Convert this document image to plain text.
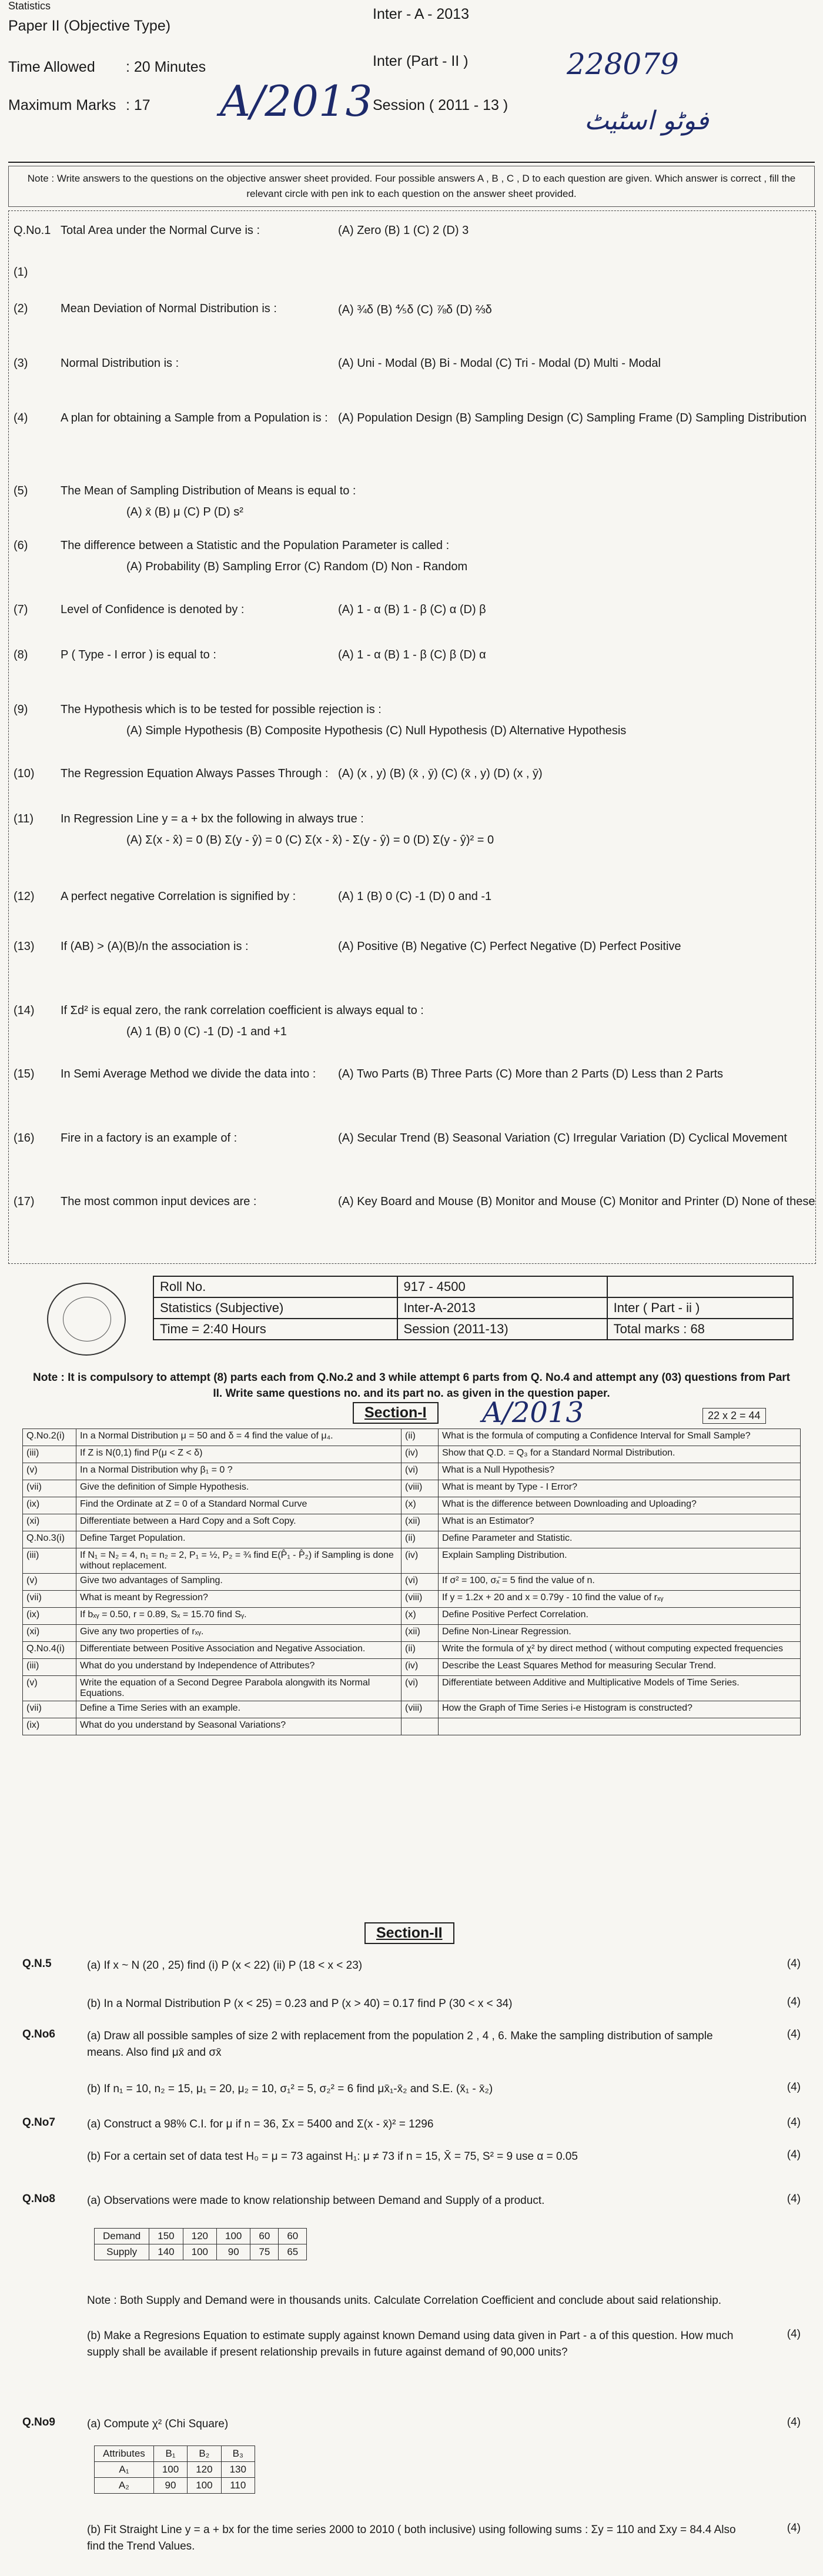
Statistics
Paper II (Objective Type)
Time Allowed : 20 Minutes
Maximum Marks : 17
Inter - A - 2013
Inter (Part - II )
Session ( 2011 - 13 )
A/2013
228079
فوٹو اسٹیٹ
Note : Write answers to the questions on the objective answer sheet provided. Four possible answers A , B , C , D to each question are given. Which answer is correct , fill the relevant circle with pen ink to each question on the answer sheet provided.
Q.No.1 Total Area under the Normal Curve is :	(A) Zero (B) 1 (C) 2 (D) 3
(1)
(2)	Mean Deviation of Normal Distribution is :	(A) ¾δ (B) ⅘δ (C) ⅞δ (D) ⅔δ
(3)	Normal Distribution is :	(A) Uni - Modal (B) Bi - Modal (C) Tri - Modal (D) Multi - Modal
(4)	A plan for obtaining a Sample from a Population is : (A) Population Design (B) Sampling Design (C) Sampling Frame (D) Sampling Distribution
(5)	The Mean of Sampling Distribution of Means is equal to :
(A) x̄ (B) μ (C) P (D) s²
(6)	The difference between a Statistic and the Population Parameter is called :
(A) Probability (B) Sampling Error (C) Random (D) Non - Random
(7)	Level of Confidence is denoted by :	(A) 1 - α (B) 1 - β (C) α (D) β
(8)	P ( Type - I error ) is equal to :	(A) 1 - α (B) 1 - β (C) β (D) α
(9)	The Hypothesis which is to be tested for possible rejection is :
(A) Simple Hypothesis (B) Composite Hypothesis (C) Null Hypothesis (D) Alternative Hypothesis
(10) The Regression Equation Always Passes Through : (A) (x , y) (B) (x̄ , ȳ) (C) (x̄ , y) (D) (x , ȳ)
(11) In Regression Line y = a + bx the following in always true :
(A) Σ(x - x̂) = 0 (B) Σ(y - ŷ) = 0 (C) Σ(x - x̂) - Σ(y - ŷ) = 0 (D) Σ(y - ŷ)² = 0
(12) A perfect negative Correlation is signified by :	(A) 1 (B) 0 (C) -1 (D) 0 and -1
(13) If (AB) > (A)(B)/n the association is :	(A) Positive (B) Negative (C) Perfect Negative (D) Perfect Positive
(14) If Σd² is equal zero, the rank correlation coefficient is always equal to :
(A) 1 (B) 0 (C) -1 (D) -1 and +1
(15) In Semi Average Method we divide the data into : (A) Two Parts (B) Three Parts (C) More than 2 Parts (D) Less than 2 Parts
(16) Fire in a factory is an example of :	(A) Secular Trend (B) Seasonal Variation (C) Irregular Variation (D) Cyclical Movement
(17) The most common input devices are :	(A) Key Board and Mouse (B) Monitor and Mouse (C) Monitor and Printer (D) None of these
Roll No.	917 - 4500	
Statistics (Subjective)	Inter-A-2013	Inter ( Part - ii )
Time = 2:40 Hours	Session (2011-13)	Total marks : 68
Note : It is compulsory to attempt (8) parts each from Q.No.2 and 3 while attempt 6 parts from Q. No.4 and attempt any (03) questions from Part II. Write same questions no. and its part no. as given in the question paper.
Section-I	A/2013	22 x 2 = 44
Q.No.2(i)	In a Normal Distribution μ = 50 and δ = 4 find the value of μ₄.	(ii)	What is the formula of computing a Confidence Interval for Small Sample?
(iii)	If Z is N(0,1) find P(μ < Z < δ)	(iv)	Show that Q.D. = Q₃ for a Standard Normal Distribution.
(v)	In a Normal Distribution why β₁ = 0 ?	(vi)	What is a Null Hypothesis?
(vii)	Give the definition of Simple Hypothesis.	(viii)	What is meant by Type - I Error?
(ix)	Find the Ordinate at Z = 0 of a Standard Normal Curve	(x)	What is the difference between Downloading and Uploading?
(xi)	Differentiate between a Hard Copy and a Soft Copy.	(xii)	What is an Estimator?
Q.No.3(i)	Define Target Population.	(ii)	Define Parameter and Statistic.
(iii)	If N₁ = N₂ = 4, n₁ = n₂ = 2, P₁ = ½, P₂ = ¾ find E(P̂₁ - P̂₂) if Sampling is done without replacement.	(iv)	Explain Sampling Distribution.
(v)	Give two advantages of Sampling.	(vi)	If σ² = 100, σₓ̄ = 5 find the value of n.
(vii)	What is meant by Regression?	(viii)	If y = 1.2x + 20 and x = 0.79y - 10 find the value of rₓᵧ
(ix)	If bₓᵧ = 0.50, r = 0.89, Sₓ = 15.70 find Sᵧ.	(x)	Define Positive Perfect Correlation.
(xi)	Give any two properties of rₓᵧ.	(xii)	Define Non-Linear Regression.
Q.No.4(i)	Differentiate between Positive Association and Negative Association.	(ii)	Write the formula of χ² by direct method ( without computing expected frequencies
(iii)	What do you understand by Independence of Attributes?	(iv)	Describe the Least Squares Method for measuring Secular Trend.
(v)	Write the equation of a Second Degree Parabola alongwith its Normal Equations.	(vi)	Differentiate between Additive and Multiplicative Models of Time Series.
(vii)	Define a Time Series with an example.	(viii)	How the Graph of Time Series i-e Histogram is constructed?
(ix)	What do you understand by Seasonal Variations?		
Section-II
Q.N.5	(a) If x ~ N (20 , 25) find (i) P (x < 22) (ii) P (18 < x < 23)	(4)
(b) In a Normal Distribution P (x < 25) = 0.23 and P (x > 40) = 0.17 find P (30 < x < 34)	(4)
Q.No6	(a) Draw all possible samples of size 2 with replacement from the population 2 , 4 , 6. Make the sampling distribution of sample means. Also find μx̄ and σx̄
(4)
(b) If n₁ = 10, n₂ = 15, μ₁ = 20, μ₂ = 10, σ₁² = 5, σ₂² = 6 find μx̄₁-x̄₂ and S.E. (x̄₁ - x̄₂)	(4)
Q.No7	(a) Construct a 98% C.I. for μ if n = 36, Σx = 5400 and Σ(x - x̄)² = 1296	(4)
(b) For a certain set of data test H₀ = μ = 73 against H₁: μ ≠ 73 if n = 15, X̄ = 75, S² = 9 use α = 0.05	(4)
Q.No8	(a) Observations were made to know relationship between Demand and Supply of a product.	(4)
Note : Both Supply and Demand were in thousands units. Calculate Correlation Coefficient and conclude about said relationship.
(b) Make a Regresions Equation to estimate supply against known Demand using data given in Part - a of this question. How much supply shall be available if present relationship prevails in future against demand of 90,000 units?
(4)
Q.No9	(a) Compute χ² (Chi Square)	(4)
(b) Fit Straight Line y = a + bx for the time series 2000 to 2010 ( both inclusive) using following sums : Σy = 110 and Σxy = 84.4 Also find the Trend Values.
(4)
Demand	150	120	100	60	60
Supply	140	100	90	75	65
Attributes	B₁	B₂	B₃
A₁	100	120	130
A₂	90	100	110
